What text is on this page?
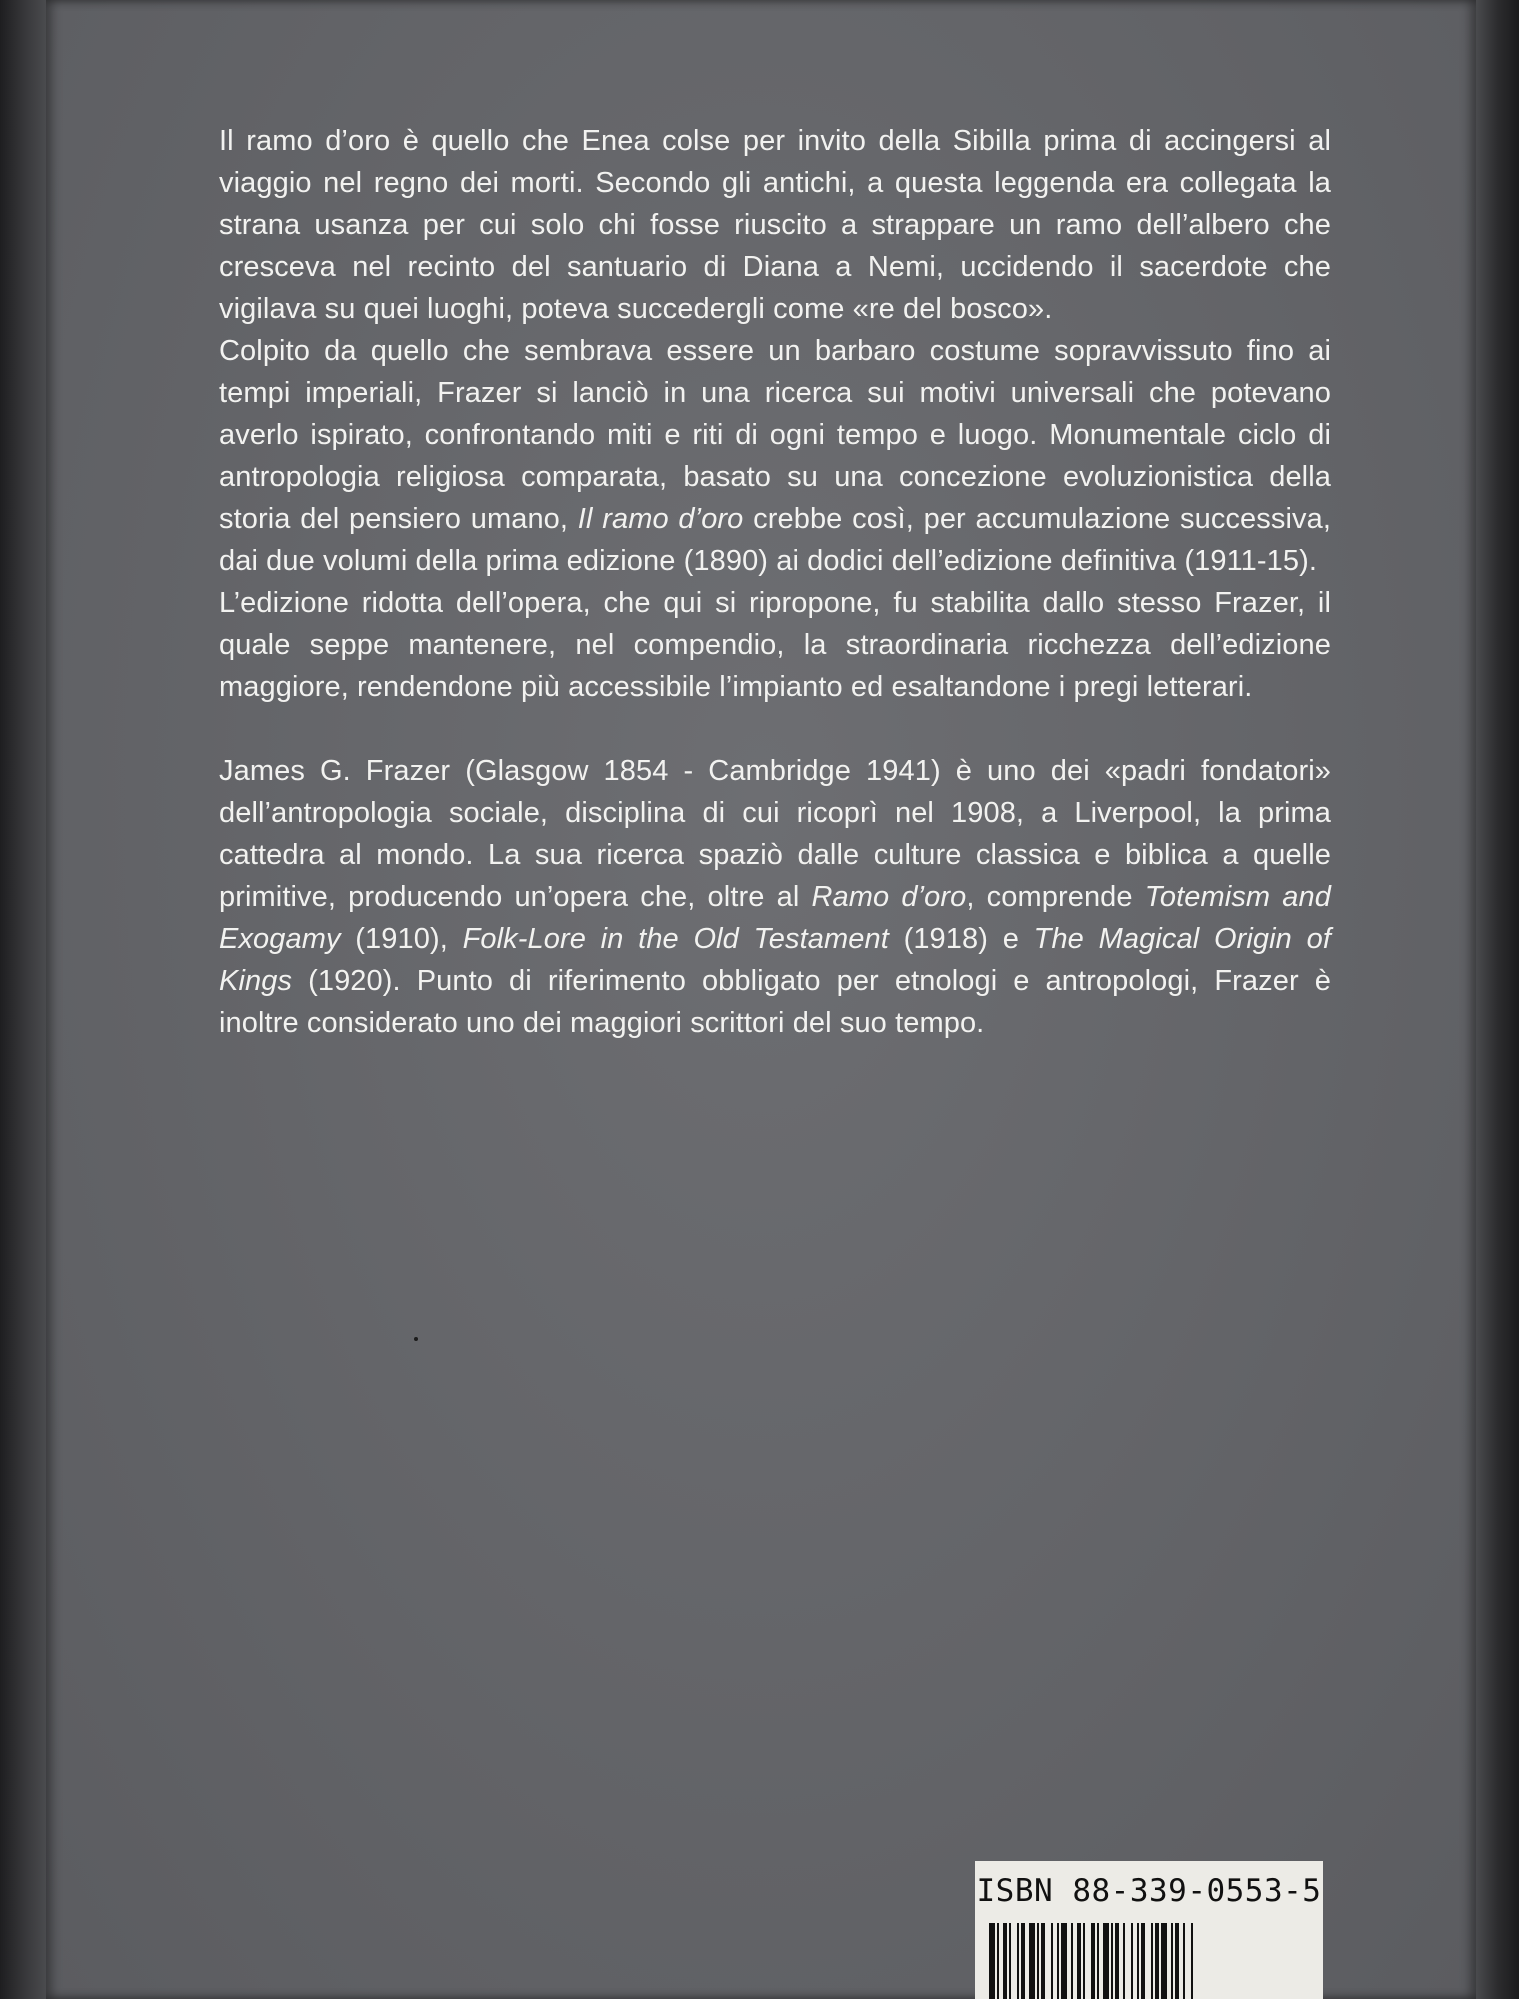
Il ramo d’oro è quello che Enea colse per invito della Sibilla prima di accingersi al viaggio nel regno dei morti. Secondo gli antichi, a questa leggenda era collegata la strana usanza per cui solo chi fosse riuscito a strappare un ramo dell’albero che cresceva nel recinto del santuario di Diana a Nemi, uccidendo il sacerdote che vigilava su quei luoghi, poteva succedergli come «re del bosco».

Colpito da quello che sembrava essere un barbaro costume sopravvissuto fino ai tempi imperiali, Frazer si lanciò in una ricerca sui motivi universali che potevano averlo ispirato, confrontando miti e riti di ogni tempo e luogo. Monumentale ciclo di antropologia religiosa comparata, basato su una concezione evoluzionistica della storia del pensiero umano, Il ramo d’oro crebbe così, per accumulazione successiva, dai due volumi della prima edizione (1890) ai dodici dell’edizione definitiva (1911-15).

L’edizione ridotta dell’opera, che qui si ripropone, fu stabilita dallo stesso Frazer, il quale seppe mantenere, nel compendio, la straordinaria ricchezza dell’edizione maggiore, rendendone più accessibile l’impianto ed esaltandone i pregi letterari.

James G. Frazer (Glasgow 1854 - Cambridge 1941) è uno dei «padri fondatori» dell’antropologia sociale, disciplina di cui ricoprì nel 1908, a Liverpool, la prima cattedra al mondo. La sua ricerca spaziò dalle culture classica e biblica a quelle primitive, producendo un’opera che, oltre al Ramo d’oro, comprende Totemism and Exogamy (1910), Folk-Lore in the Old Testament (1918) e The Magical Origin of Kings (1920). Punto di riferimento obbligato per etnologi e antropologi, Frazer è inoltre considerato uno dei maggiori scrittori del suo tempo.

ISBN 88-339-0553-5
